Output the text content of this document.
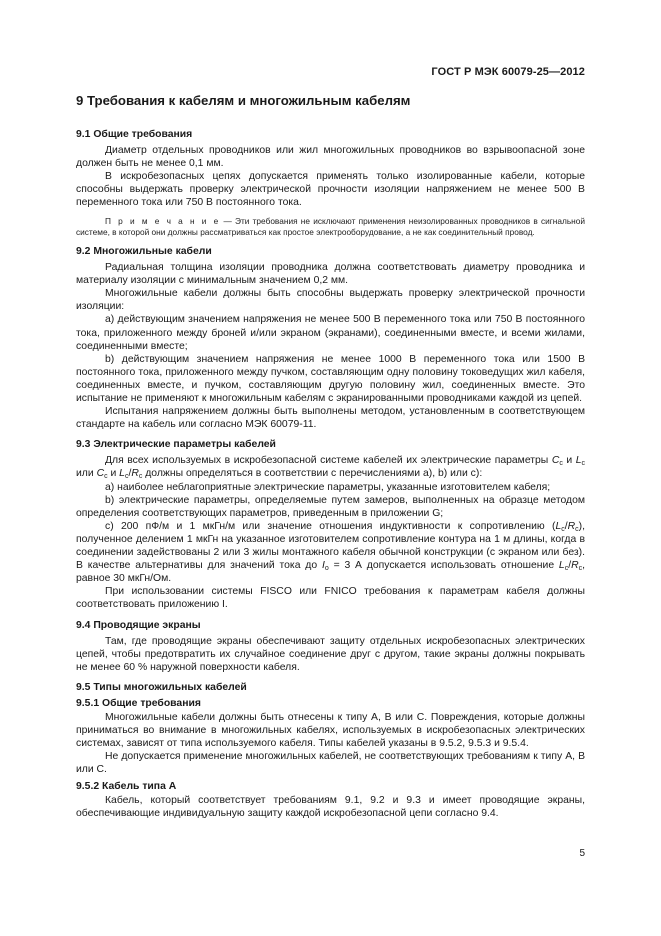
ГОСТ Р МЭК 60079-25—2012
9 Требования к кабелям и многожильным кабелям
9.1 Общие требования

Диаметр отдельных проводников или жил многожильных проводников во взрывоопасной зоне должен быть не менее 0,1 мм.

В искробезопасных цепях допускается применять только изолированные кабели, которые способны выдержать проверку электрической прочности изоляции напряжением не менее 500 В переменного тока или 750 В постоянного тока.

П р и м е ч а н и е — Эти требования не исключают применения неизолированных проводников в сигнальной системе, в которой они должны рассматриваться как простое электрооборудование, а не как соединительный провод.

9.2 Многожильные кабели

Радиальная толщина изоляции проводника должна соответствовать диаметру проводника и материалу изоляции с минимальным значением 0,2 мм.

Многожильные кабели должны быть способны выдержать проверку электрической прочности изоляции:

a) действующим значением напряжения не менее 500 В переменного тока или 750 В постоянного тока, приложенного между броней и/или экраном (экранами), соединенными вместе, и всеми жилами, соединенными вместе;

b) действующим значением напряжения не менее 1000 В переменного тока или 1500 В постоянного тока, приложенного между пучком, составляющим одну половину токоведущих жил кабеля, соединенных вместе, и пучком, составляющим другую половину жил, соединенных вместе. Это испытание не применяют к многожильным кабелям с экранированными проводниками каждой из цепей.

Испытания напряжением должны быть выполнены методом, установленным в соответствующем стандарте на кабель или согласно МЭК 60079-11.

9.3 Электрические параметры кабелей

Для всех используемых в искробезопасной системе кабелей их электрические параметры $C_c$ и $L_c$ или $C_c$ и $L_c/R_c$ должны определяться в соответствии с перечислениями а), b) или с):

a) наиболее неблагоприятные электрические параметры, указанные изготовителем кабеля;

b) электрические параметры, определяемые путем замеров, выполненных на образце методом определения соответствующих параметров, приведенным в приложении G;

c) 200 пФ/м и 1 мкГн/м или значение отношения индуктивности к сопротивлению $(L_c/R_c)$, полученное делением 1 мкГн на указанное изготовителем сопротивление контура на 1 м длины, когда в соединении задействованы 2 или 3 жилы монтажного кабеля обычной конструкции (с экраном или без). В качестве альтернативы для значений тока до $I_o = 3$ А допускается использовать отношение $L_c/R_c$, равное 30 мкГн/Ом.

При использовании системы FISCO или FNICO требования к параметрам кабеля должны соответствовать приложению I.

9.4 Проводящие экраны

Там, где проводящие экраны обеспечивают защиту отдельных искробезопасных электрических цепей, чтобы предотвратить их случайное соединение друг с другом, такие экраны должны покрывать не менее 60 % наружной поверхности кабеля.

9.5 Типы многожильных кабелей
9.5.1 Общие требования

Многожильные кабели должны быть отнесены к типу А, В или С. Повреждения, которые должны приниматься во внимание в многожильных кабелях, используемых в искробезопасных электрических системах, зависят от типа используемого кабеля. Типы кабелей указаны в 9.5.2, 9.5.3 и 9.5.4.

Не допускается применение многожильных кабелей, не соответствующих требованиям к типу А, В или С.

9.5.2 Кабель типа А

Кабель, который соответствует требованиям 9.1, 9.2 и 9.3 и имеет проводящие экраны, обеспечивающие индивидуальную защиту каждой искробезопасной цепи согласно 9.4.

5
